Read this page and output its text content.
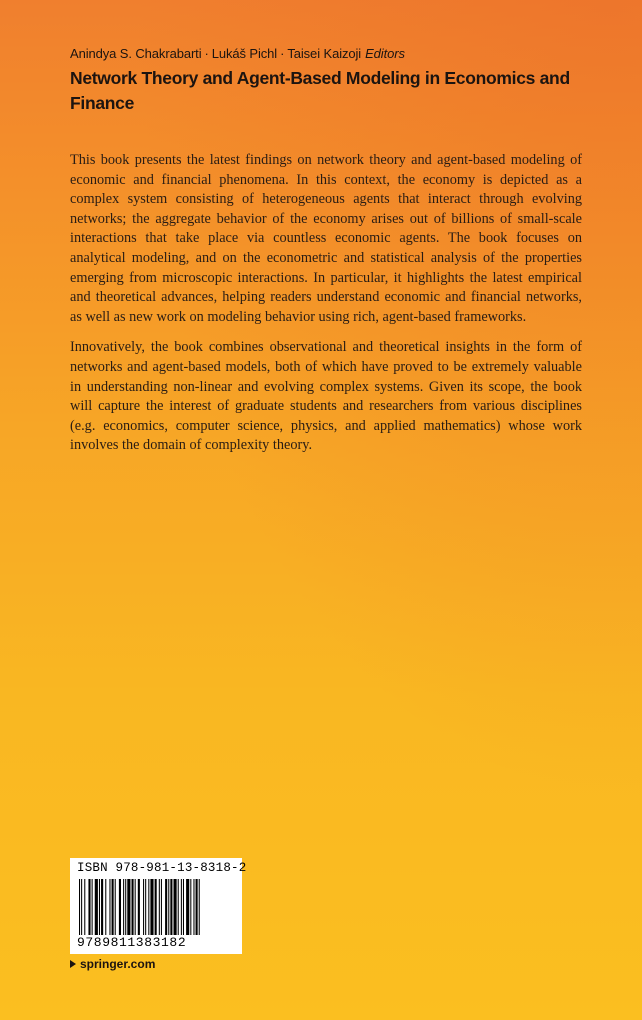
Anindya S. Chakrabarti · Lukáš Pichl · Taisei Kaizoji Editors
Network Theory and Agent-Based Modeling in Economics and Finance

This book presents the latest findings on network theory and agent-based modeling of economic and financial phenomena. In this context, the economy is depicted as a complex system consisting of heterogeneous agents that interact through evolving networks; the aggregate behavior of the economy arises out of billions of small-scale interactions that take place via countless economic agents. The book focuses on analytical modeling, and on the econometric and statistical analysis of the properties emerging from microscopic interactions. In particular, it highlights the latest empirical and theoretical advances, helping readers understand economic and financial networks, as well as new work on modeling behavior using rich, agent-based frameworks.

Innovatively, the book combines observational and theoretical insights in the form of networks and agent-based models, both of which have proved to be extremely valuable in understanding non-linear and evolving complex systems. Given its scope, the book will capture the interest of graduate students and researchers from various disciplines (e.g. economics, computer science, physics, and applied mathematics) whose work involves the domain of complexity theory.

ISBN 978-981-13-8318-2
9789811383182
springer.com
